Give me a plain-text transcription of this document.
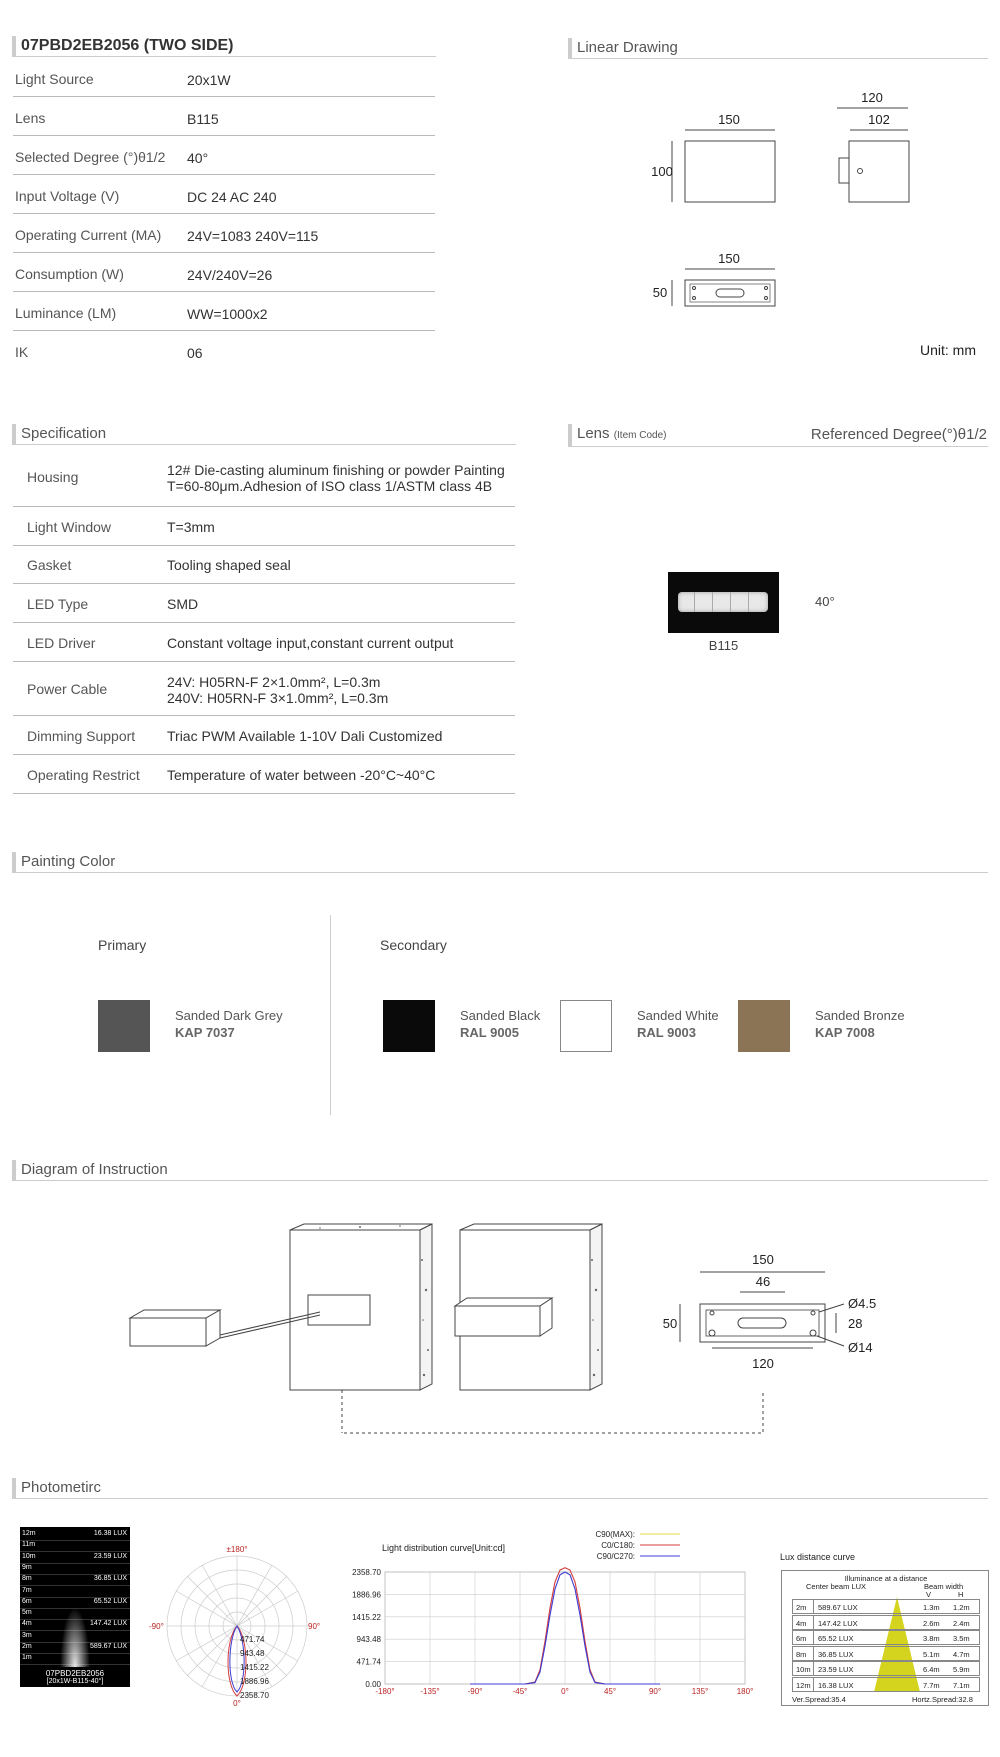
07PBD2EB2056 (TWO SIDE)
Light Source	20x1W
Lens	B115
Selected Degree (°)θ1/2 40°
Input Voltage (V)	DC 24 AC 240
Operating Current (MA) 24V=1083 240V=115
Consumption (W)	24V/240V=26
Luminance (LM)	WW=1000x2
IK	06
Linear Drawing
150
100
120
102
150
50
Unit: mm
Specification
Housing	12# Die-casting aluminum finishing or powder Painting
T=60-80μm.Adhesion of ISO class 1/ASTM class 4B
Light Window	T=3mm
Gasket	Tooling shaped seal
LED Type	SMD
LED Driver	Constant voltage input,constant current output
Power Cable	24V: H05RN-F 2×1.0mm², L=0.3m
240V: H05RN-F 3×1.0mm², L=0.3m
Dimming Support Triac PWM Available 1-10V Dali Customized
Operating Restrict Temperature of water between -20°C~40°C
Lens (Item Code)	Referenced Degree(°)θ1/2
B115
40°
Painting Color
Primary	Secondary
Sanded Dark Grey
KAP 7037
Sanded Black
RAL 9005
Sanded White
RAL 9003
Sanded Bronze
KAP 7008
Diagram of Instruction
150
46
50
Ø4.5
28
Ø14
120
Photometirc
12m	16.38 LUX
11m
10m	23.59 LUX
9m
8m	36.85 LUX
7m
6m	65.52 LUX
5m
4m	147.42 LUX
3m
2m	589.67 LUX
1m
07PBD2EB2056
[20x1W-B115-40°]
±180°
-90°	90°
0°
471.74
943.48
1415.22
1886.96
2358.70
Light distribution curve[Unit:cd]
C90(MAX):
C0/C180:
C90/C270:
-180°	-135°	-90°	-45°	0°	45°	90°	135°	180°
0.00
471.74
943.48
1415.22
1886.96
2358.70
Lux distance curve
Illuminance at a distance
Center beam LUX	Beam width
V	H
2m 589.67 LUX	1.3m 1.2m
4m 147.42 LUX	2.6m 2.4m
6m 65.52 LUX	3.8m 3.5m
8m 36.85 LUX	5.1m 4.7m
10m 23.59 LUX	6.4m 5.9m
12m 16.38 LUX	7.7m 7.1m
Ver.Spread:35.4	Hortz.Spread:32.8
